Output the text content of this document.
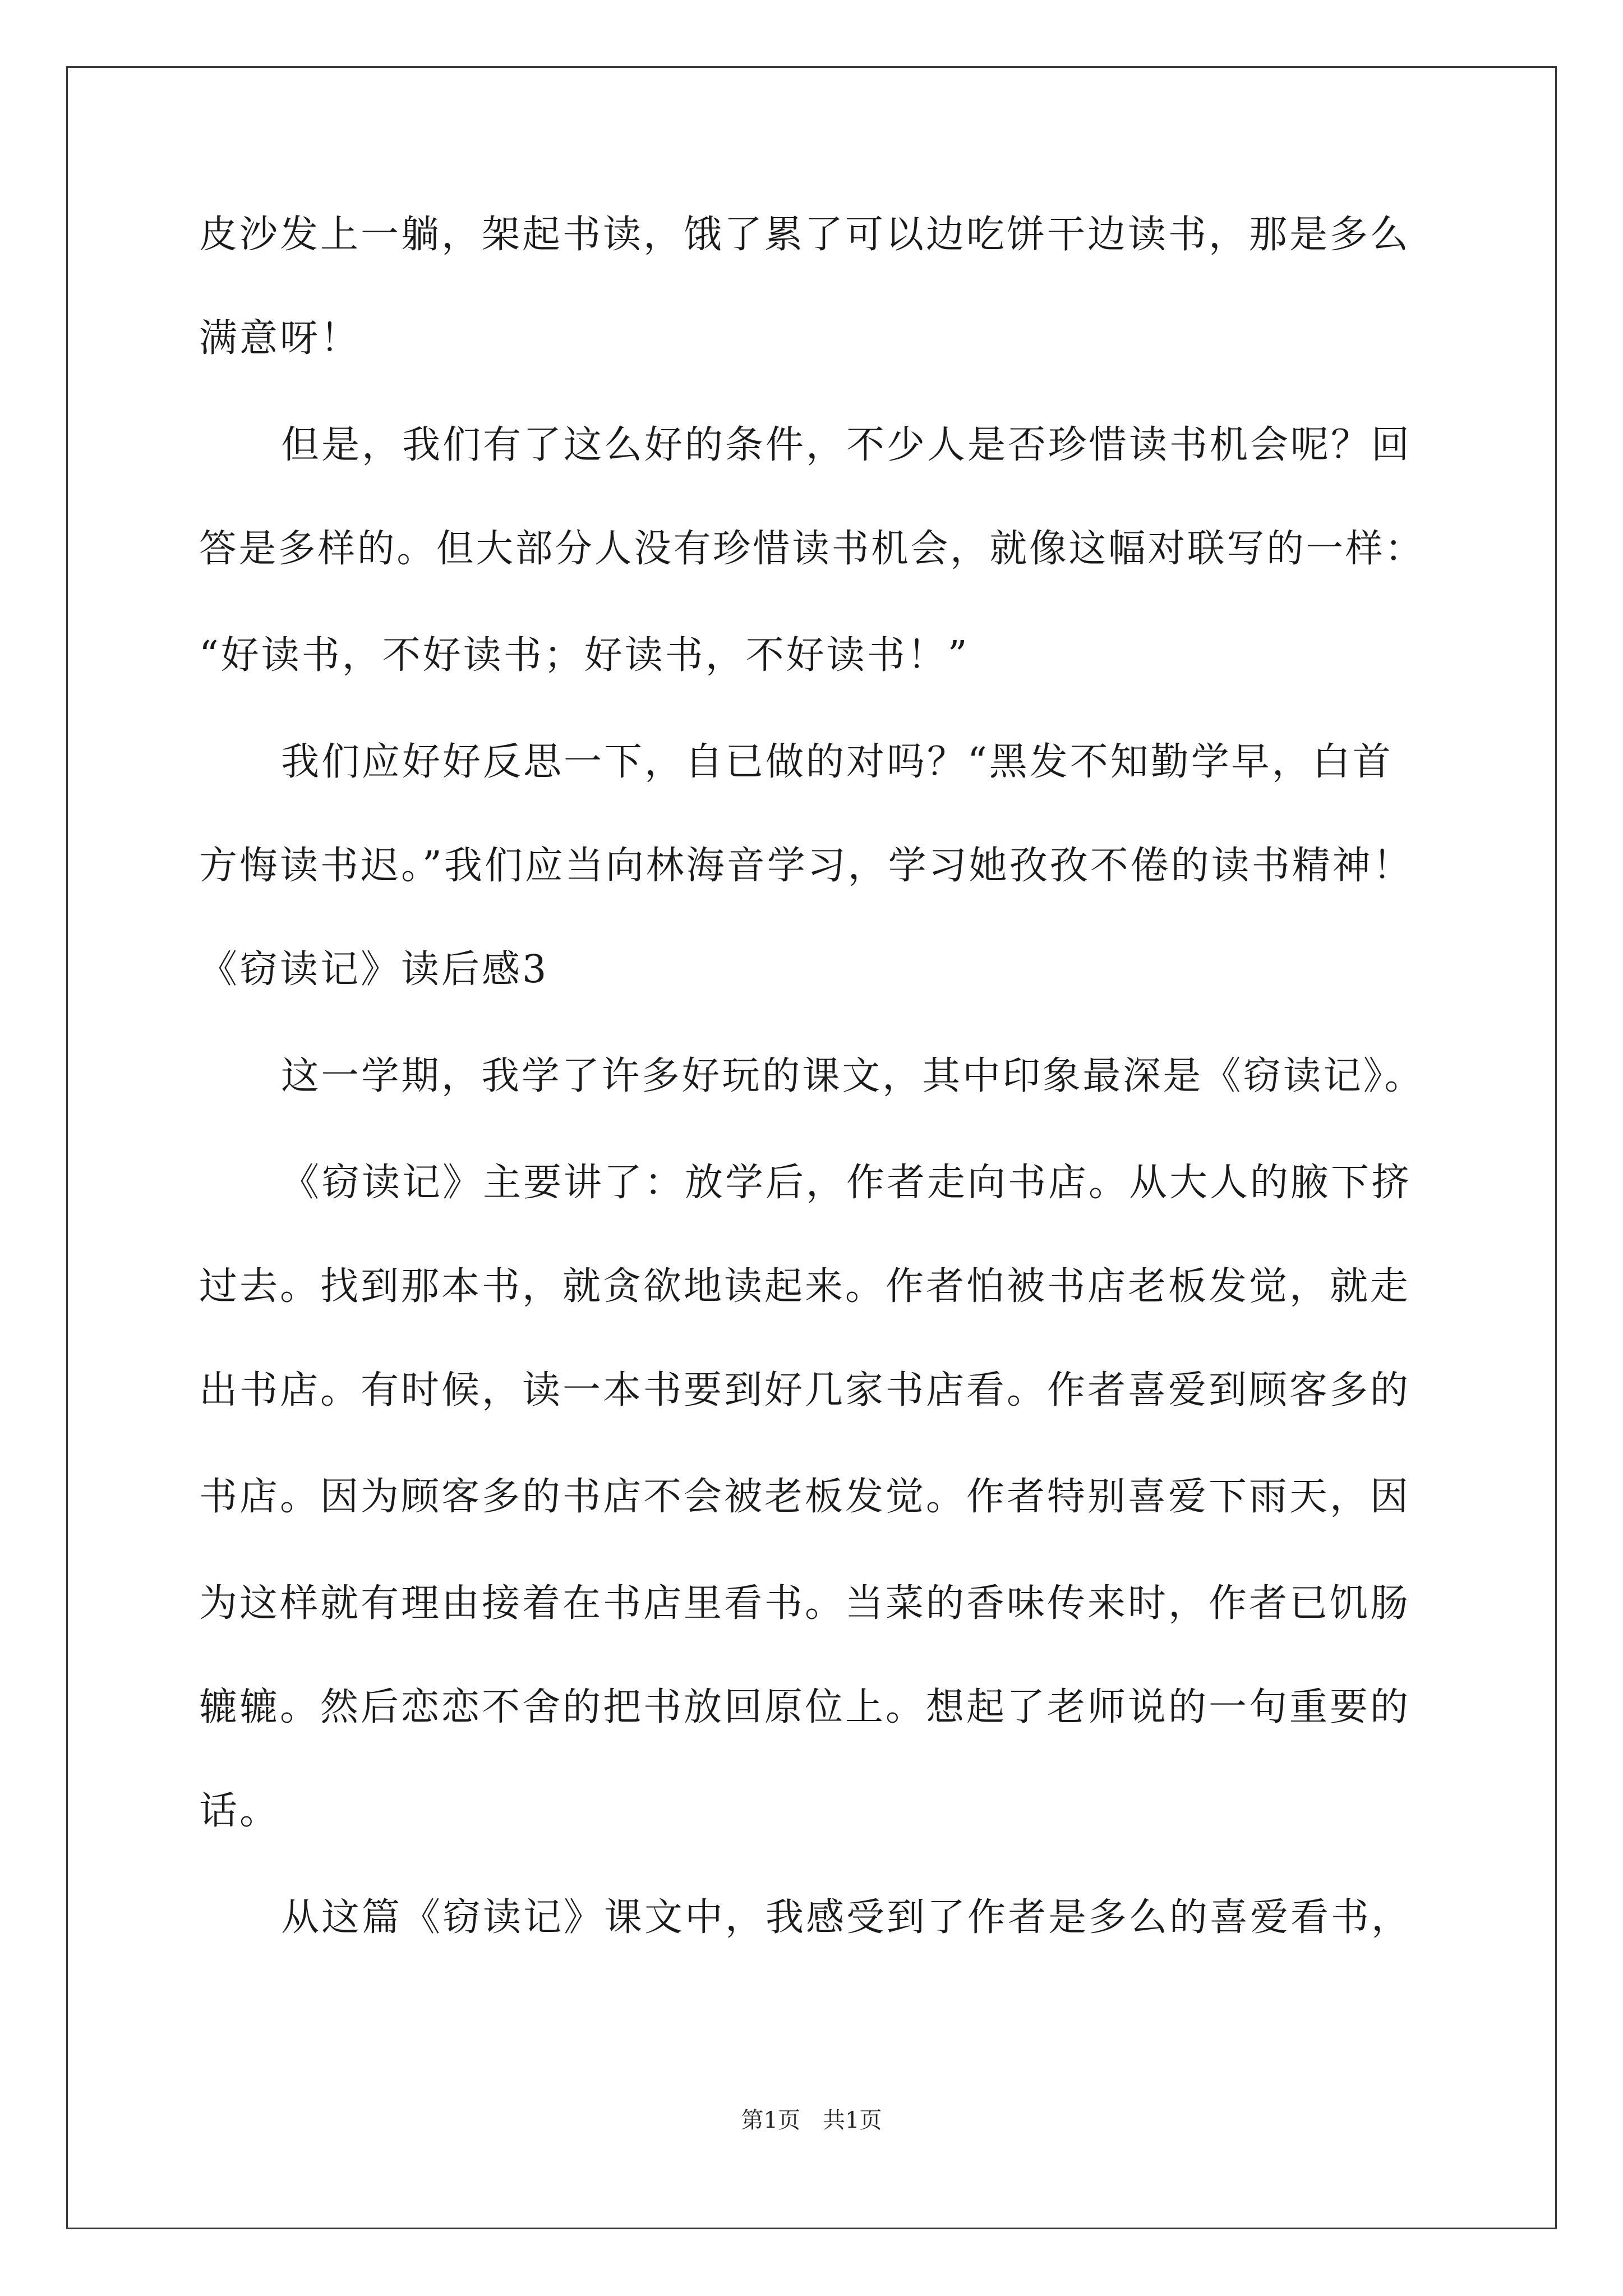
皮沙发上一躺，架起书读，饿了累了可以边吃饼干边读书，那是多么
满意呀！
但是，我们有了这么好的条件，不少人是否珍惜读书机会呢？回
答是多样的。但大部分人没有珍惜读书机会，就像这幅对联写的一样：
“好读书，不好读书；好读书，不好读书！”
我们应好好反思一下，自已做的对吗？“黑发不知勤学早，白首
方悔读书迟。”我们应当向林海音学习，学习她孜孜不倦的读书精神！
《窃读记》读后感3
这一学期，我学了许多好玩的课文，其中印象最深是《窃读记》。
《窃读记》主要讲了：放学后，作者走向书店。从大人的腋下挤
过去。找到那本书，就贪欲地读起来。作者怕被书店老板发觉，就走
出书店。有时候，读一本书要到好几家书店看。作者喜爱到顾客多的
书店。因为顾客多的书店不会被老板发觉。作者特别喜爱下雨天，因
为这样就有理由接着在书店里看书。当菜的香味传来时，作者已饥肠
辘辘。然后恋恋不舍的把书放回原位上。想起了老师说的一句重要的
话。
从这篇《窃读记》课文中，我感受到了作者是多么的喜爱看书，
第1页　共1页
